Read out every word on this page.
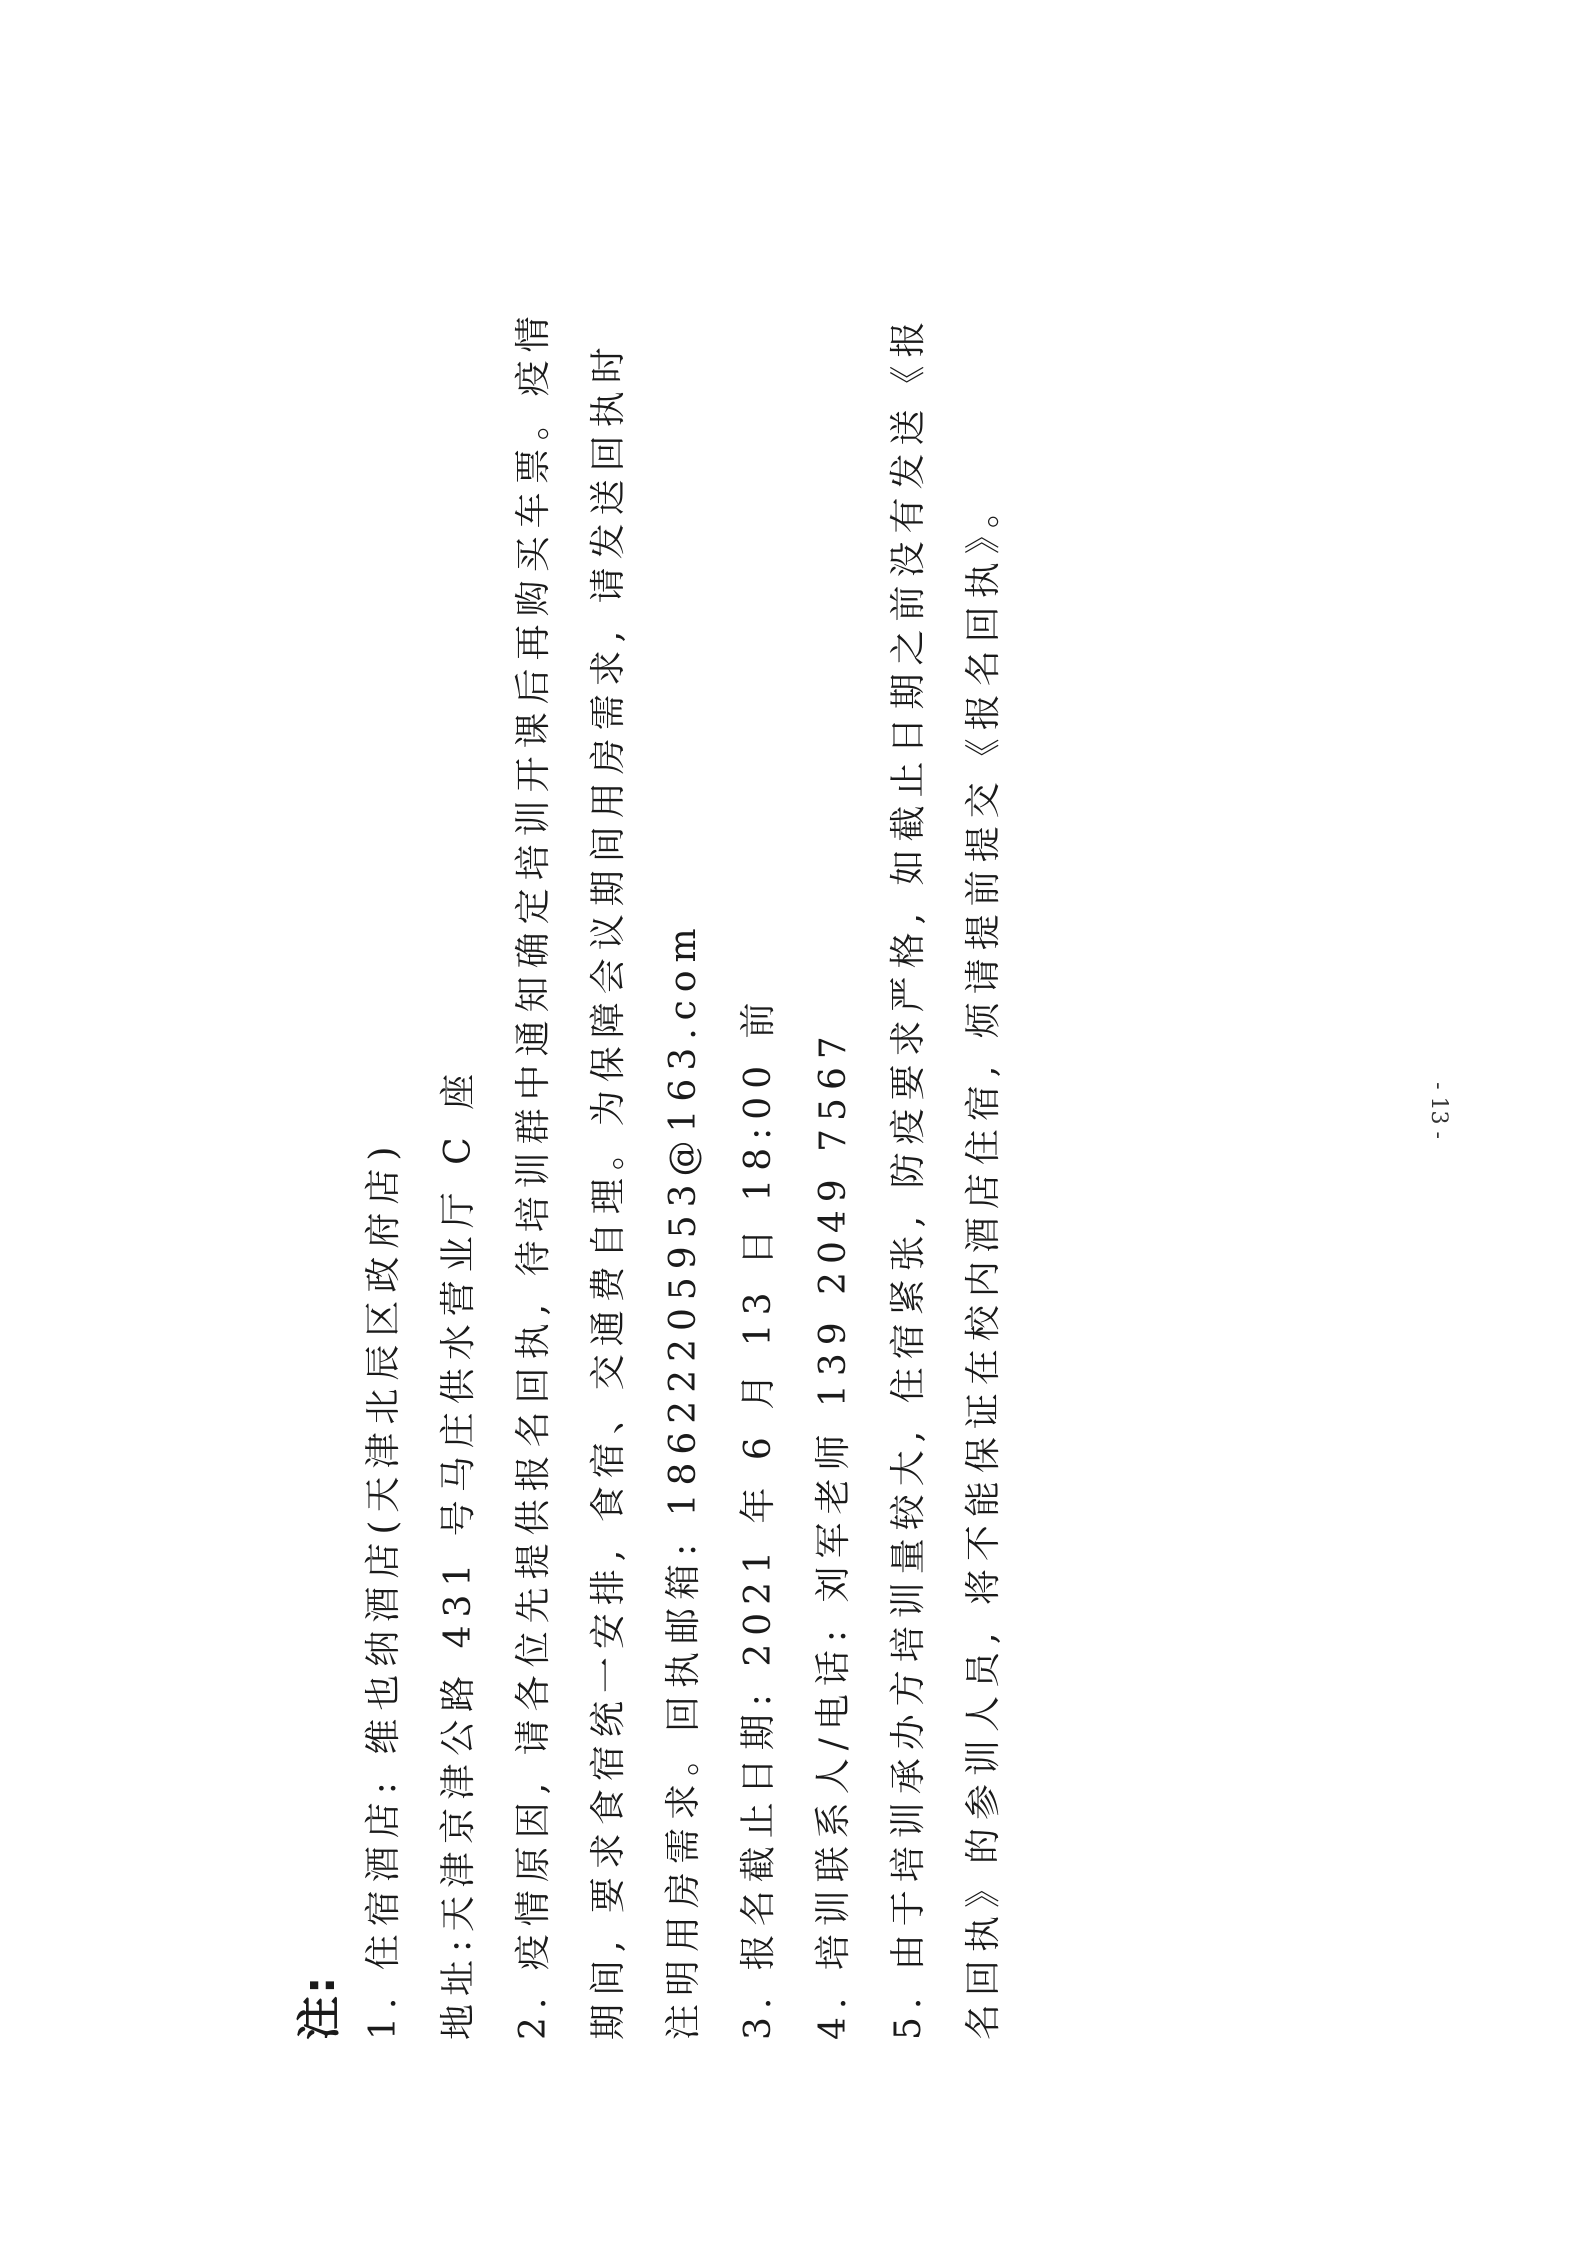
注: 1. 住宿酒店: 维也纳酒店(天津北辰区政府店) 地址:天津京津公路 431 号马庄供水营业厅 C 座 2. 疫情原因, 请各位先提供报名回执, 待培训群中通知确定培训开课后再购买车票。疫情 期间, 要求食宿统一安排, 食宿、交通费自理。为保障会议期间用房需求, 请发送回执时 注明用房需求。回执邮箱: 18622205953@163.com 3. 报名截止日期: 2021 年 6 月 13 日 18:00 前 4. 培训联系人/电话: 刘军老师 139 2049 7567 5. 由于培训承办方培训量较大, 住宿紧张, 防疫要求严格, 如截止日期之前没有发送《报 名回执》的参训人员, 将不能保证在校内酒店住宿, 烦请提前提交《报名回执》。	- 13 -
